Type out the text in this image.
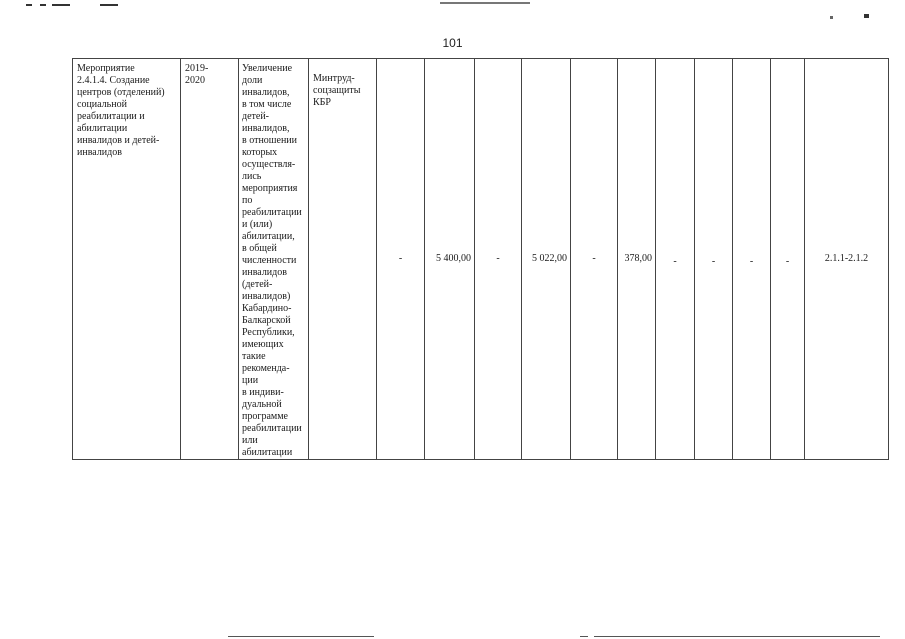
101
Мероприятие
2.4.1.4. Создание
центров (отделений)
социальной
реабилитации и
абилитации
инвалидов и детей-
инвалидов	2019-
2020	Увеличение
доли
инвалидов,
в том числе
детей-
инвалидов,
в отношении
которых
осуществля-
лись
мероприятия
по
реабилитации
и (или)
абилитации,
в общей
численности
инвалидов
(детей-
инвалидов)
Кабардино-
Балкарской
Республики,
имеющих
такие
рекоменда-
ции
в индиви-
дуальной
программе
реабилитации
или
абилитации	Минтруд-
соцзащиты
КБР	-	5 400,00	-	5 022,00	-	378,00	-	-	-	-	2.1.1-2.1.2
